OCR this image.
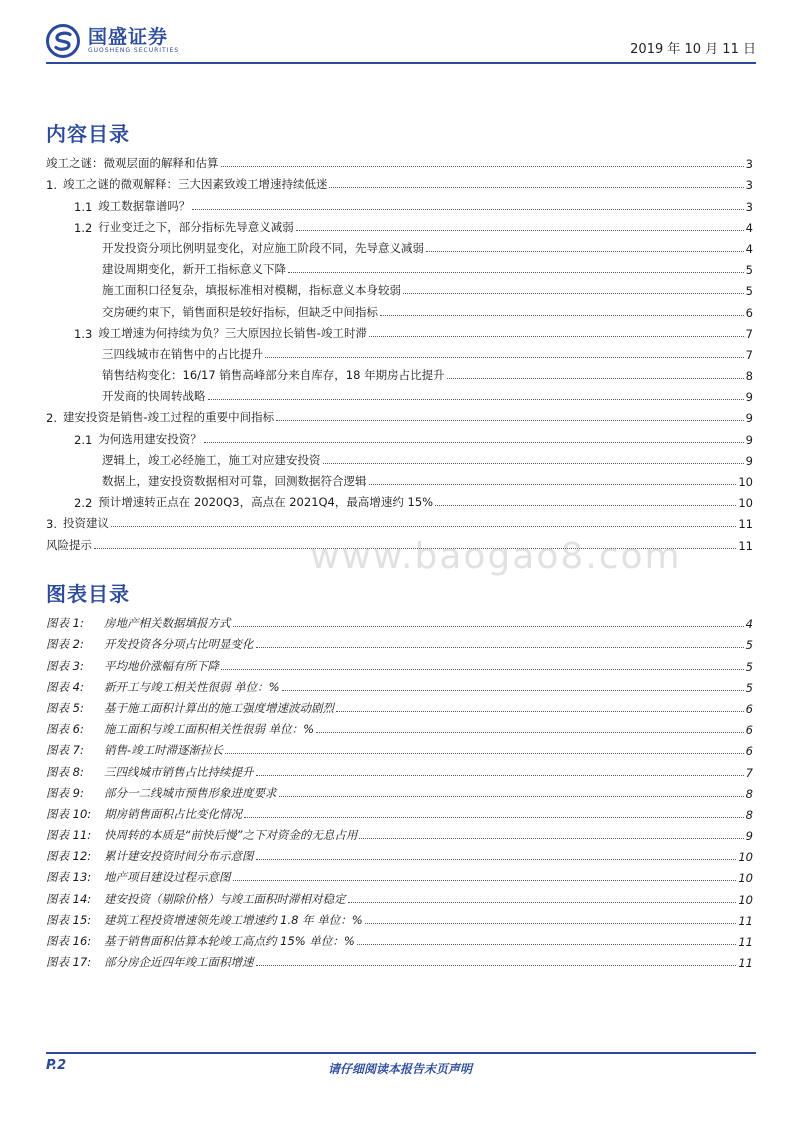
国盛证券
GUOSHENG SECURITIES	2019 年 10 月 11 日
内容目录
竣工之谜：微观层面的解释和估算	3
1. 竣工之谜的微观解释：三大因素致竣工增速持续低迷	3
1.1 竣工数据靠谱吗？	3
1.2 行业变迁之下，部分指标先导意义减弱	4
开发投资分项比例明显变化，对应施工阶段不同，先导意义减弱	4
建设周期变化，新开工指标意义下降	5
施工面积口径复杂，填报标准相对模糊，指标意义本身较弱	5
交房硬约束下，销售面积是较好指标，但缺乏中间指标	6
1.3 竣工增速为何持续为负？三大原因拉长销售-竣工时滞	7
三四线城市在销售中的占比提升	7
销售结构变化：16/17 销售高峰部分来自库存，18 年期房占比提升	8
开发商的快周转战略	9
2. 建安投资是销售-竣工过程的重要中间指标	9
2.1 为何选用建安投资？	9
逻辑上，竣工必经施工，施工对应建安投资	9
数据上，建安投资数据相对可靠，回测数据符合逻辑	10
2.2 预计增速转正点在 2020Q3，高点在 2021Q4，最高增速约 15%	10
3. 投资建议	11
风险提示	11
www.baogao8.com
图表目录
图表 1:	房地产相关数据填报方式	4
图表 2:	开发投资各分项占比明显变化	5
图表 3:	平均地价涨幅有所下降	5
图表 4:	新开工与竣工相关性很弱 单位：%	5
图表 5:	基于施工面积计算出的施工强度增速波动剧烈	6
图表 6:	施工面积与竣工面积相关性很弱 单位：%	6
图表 7:	销售-竣工时滞逐渐拉长	6
图表 8:	三四线城市销售占比持续提升	7
图表 9:	部分一二线城市预售形象进度要求	8
图表 10:	期房销售面积占比变化情况	8
图表 11:	快周转的本质是“前快后慢”之下对资金的无息占用	9
图表 12:	累计建安投资时间分布示意图	10
图表 13:	地产项目建设过程示意图	10
图表 14:	建安投资（剔除价格）与竣工面积时滞相对稳定	10
图表 15:	建筑工程投资增速领先竣工增速约 1.8 年 单位：%	11
图表 16:	基于销售面积估算本轮竣工高点约 15% 单位：%	11
图表 17:	部分房企近四年竣工面积增速	11
P.2	请仔细阅读本报告末页声明
